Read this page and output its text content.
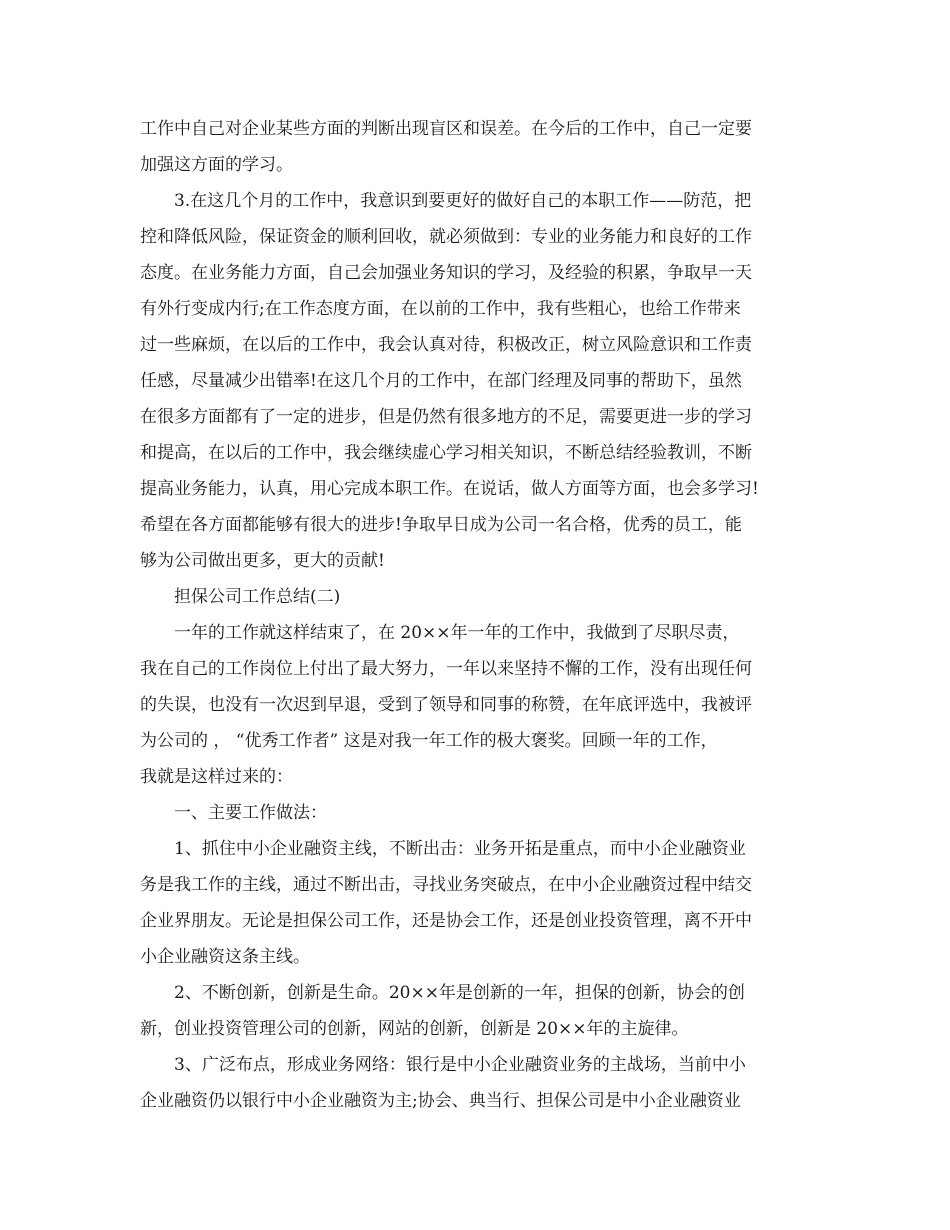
工作中自己对企业某些方面的判断出现盲区和误差。在今后的工作中，自己一定要
加强这方面的学习。
3.在这几个月的工作中，我意识到要更好的做好自己的本职工作——防范，把
控和降低风险，保证资金的顺利回收，就必须做到：专业的业务能力和良好的工作
态度。在业务能力方面，自己会加强业务知识的学习，及经验的积累，争取早一天
有外行变成内行;在工作态度方面，在以前的工作中，我有些粗心，也给工作带来
过一些麻烦，在以后的工作中，我会认真对待，积极改正，树立风险意识和工作责
任感，尽量减少出错率!在这几个月的工作中，在部门经理及同事的帮助下，虽然
在很多方面都有了一定的进步，但是仍然有很多地方的不足，需要更进一步的学习
和提高，在以后的工作中，我会继续虚心学习相关知识，不断总结经验教训，不断
提高业务能力，认真，用心完成本职工作。在说话，做人方面等方面，也会多学习!
希望在各方面都能够有很大的进步!争取早日成为公司一名合格，优秀的员工，能
够为公司做出更多，更大的贡献!
担保公司工作总结(二)
一年的工作就这样结束了，在 20××年一年的工作中，我做到了尽职尽责，
我在自己的工作岗位上付出了最大努力，一年以来坚持不懈的工作，没有出现任何
的失误，也没有一次迟到早退，受到了领导和同事的称赞，在年底评选中，我被评
为公司的 ， “优秀工作者” 这是对我一年工作的极大褒奖。回顾一年的工作，
我就是这样过来的：
一、主要工作做法：
1、抓住中小企业融资主线，不断出击：业务开拓是重点，而中小企业融资业
务是我工作的主线，通过不断出击，寻找业务突破点，在中小企业融资过程中结交
企业界朋友。无论是担保公司工作，还是协会工作，还是创业投资管理，离不开中
小企业融资这条主线。
2、不断创新，创新是生命。20××年是创新的一年，担保的创新，协会的创
新，创业投资管理公司的创新，网站的创新，创新是 20××年的主旋律。
3、广泛布点，形成业务网络：银行是中小企业融资业务的主战场，当前中小
企业融资仍以银行中小企业融资为主;协会、典当行、担保公司是中小企业融资业
